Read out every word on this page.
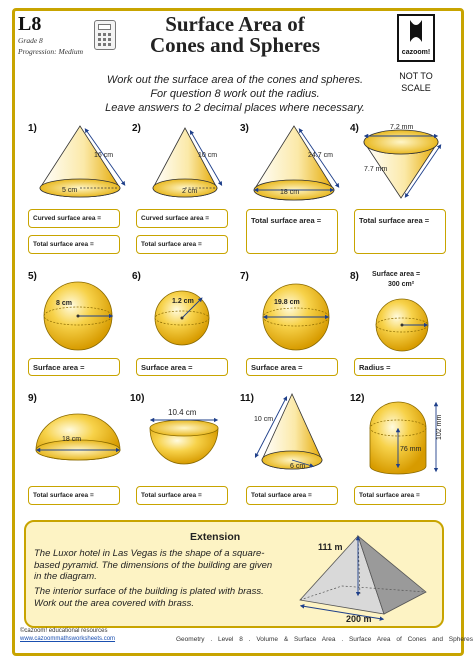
L8
Grade 8
Progression: Medium
Surface Area of
Cones and Spheres	cazoom!
NOT TO
SCALE
Work out the surface area of the cones and spheres.
For question 8 work out the radius.
Leave answers to 2 decimal places where necessary.
1)
16 cm
5 cm
2)
10 cm
2 cm
3)
24.7 cm
18 cm
4)	7.2 mm
7.7 mm
Curved surface area =
Total surface area =
Curved surface area =
Total surface area =
Total surface area =	Total surface area =
5)
8 cm
6)
1.2 cm
7)
19.8 cm
8) Surface area =
300 cm²
Surface area =	Surface area =	Surface area =	Radius =
9)
18 cm
10)
10.4 cm
11)
10 cm
6 cm
12)
76 mm
102 mm
Total surface area =	Total surface area =	Total surface area =	Total surface area =
Extension
The Luxor hotel in Las Vegas is the shape of a square-based pyramid. The dimensions of the building are given in the diagram.
The interior surface of the building is plated with brass. Work out the area covered with brass.
111 m
200 m
©cazoom! educational resources
www.cazoommathsworksheets.com	Geometry . Level 8 . Volume & Surface Area . Surface Area of Cones and Spheres
